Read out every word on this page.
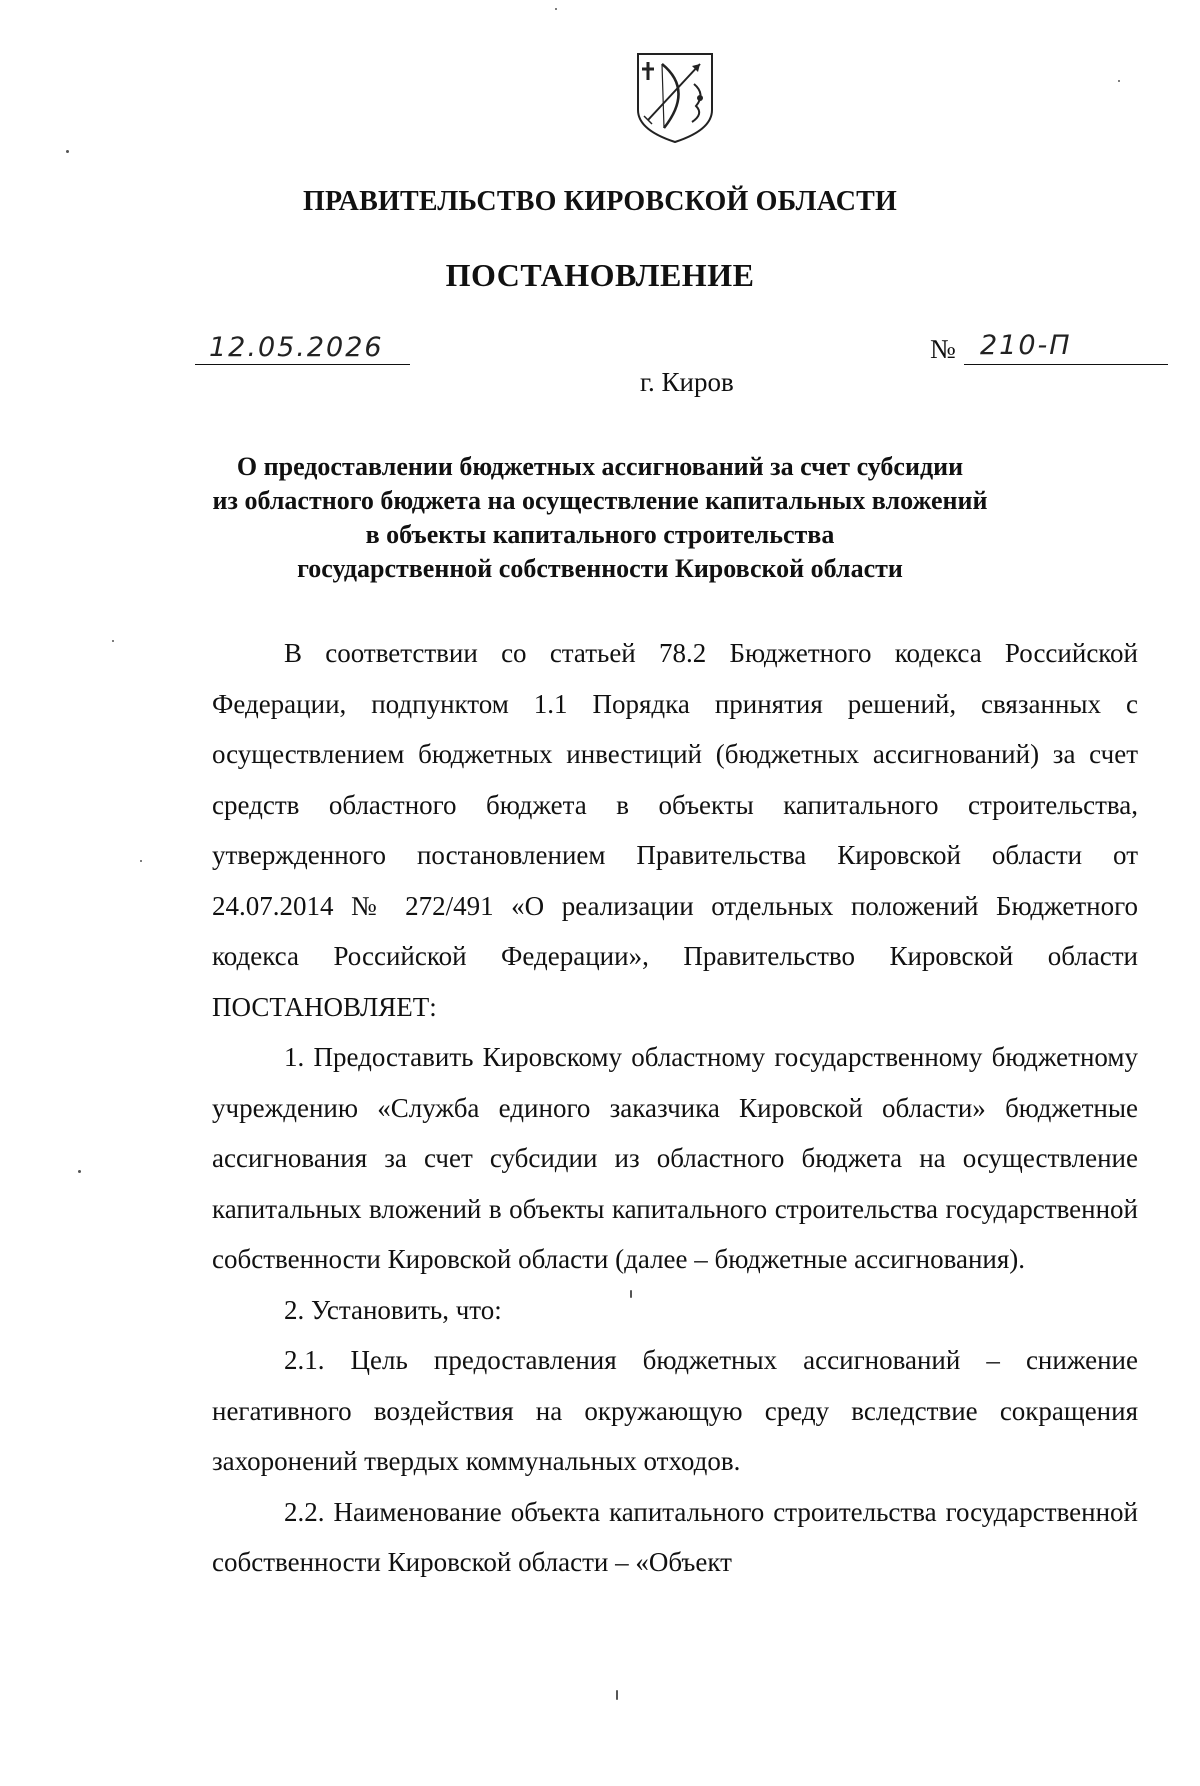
ПРАВИТЕЛЬСТВО КИРОВСКОЙ ОБЛАСТИ
ПОСТАНОВЛЕНИЕ
12.05.2026	№ 210-П
г. Киров
О предоставлении бюджетных ассигнований за счет субсидии
из областного бюджета на осуществление капитальных вложений
в объекты капитального строительства
государственной собственности Кировской области

В соответствии со статьей 78.2 Бюджетного кодекса Российской Федерации, подпунктом 1.1 Порядка принятия решений, связанных с осуществлением бюджетных инвестиций (бюджетных ассигнований) за счет средств областного бюджета в объекты капитального строительства, утвержденного постановлением Правительства Кировской области от 24.07.2014 № 272/491 «О реализации отдельных положений Бюджетного кодекса Российской Федерации», Правительство Кировской области ПОСТАНОВЛЯЕТ:

1. Предоставить Кировскому областному государственному бюджетному учреждению «Служба единого заказчика Кировской области» бюджетные ассигнования за счет субсидии из областного бюджета на осуществление капитальных вложений в объекты капитального строительства государственной собственности Кировской области (далее – бюджетные ассигнования).

2. Установить, что:

2.1. Цель предоставления бюджетных ассигнований – снижение негативного воздействия на окружающую среду вследствие сокращения захоронений твердых коммунальных отходов.

2.2. Наименование объекта капитального строительства государственной собственности Кировской области – «Объект
